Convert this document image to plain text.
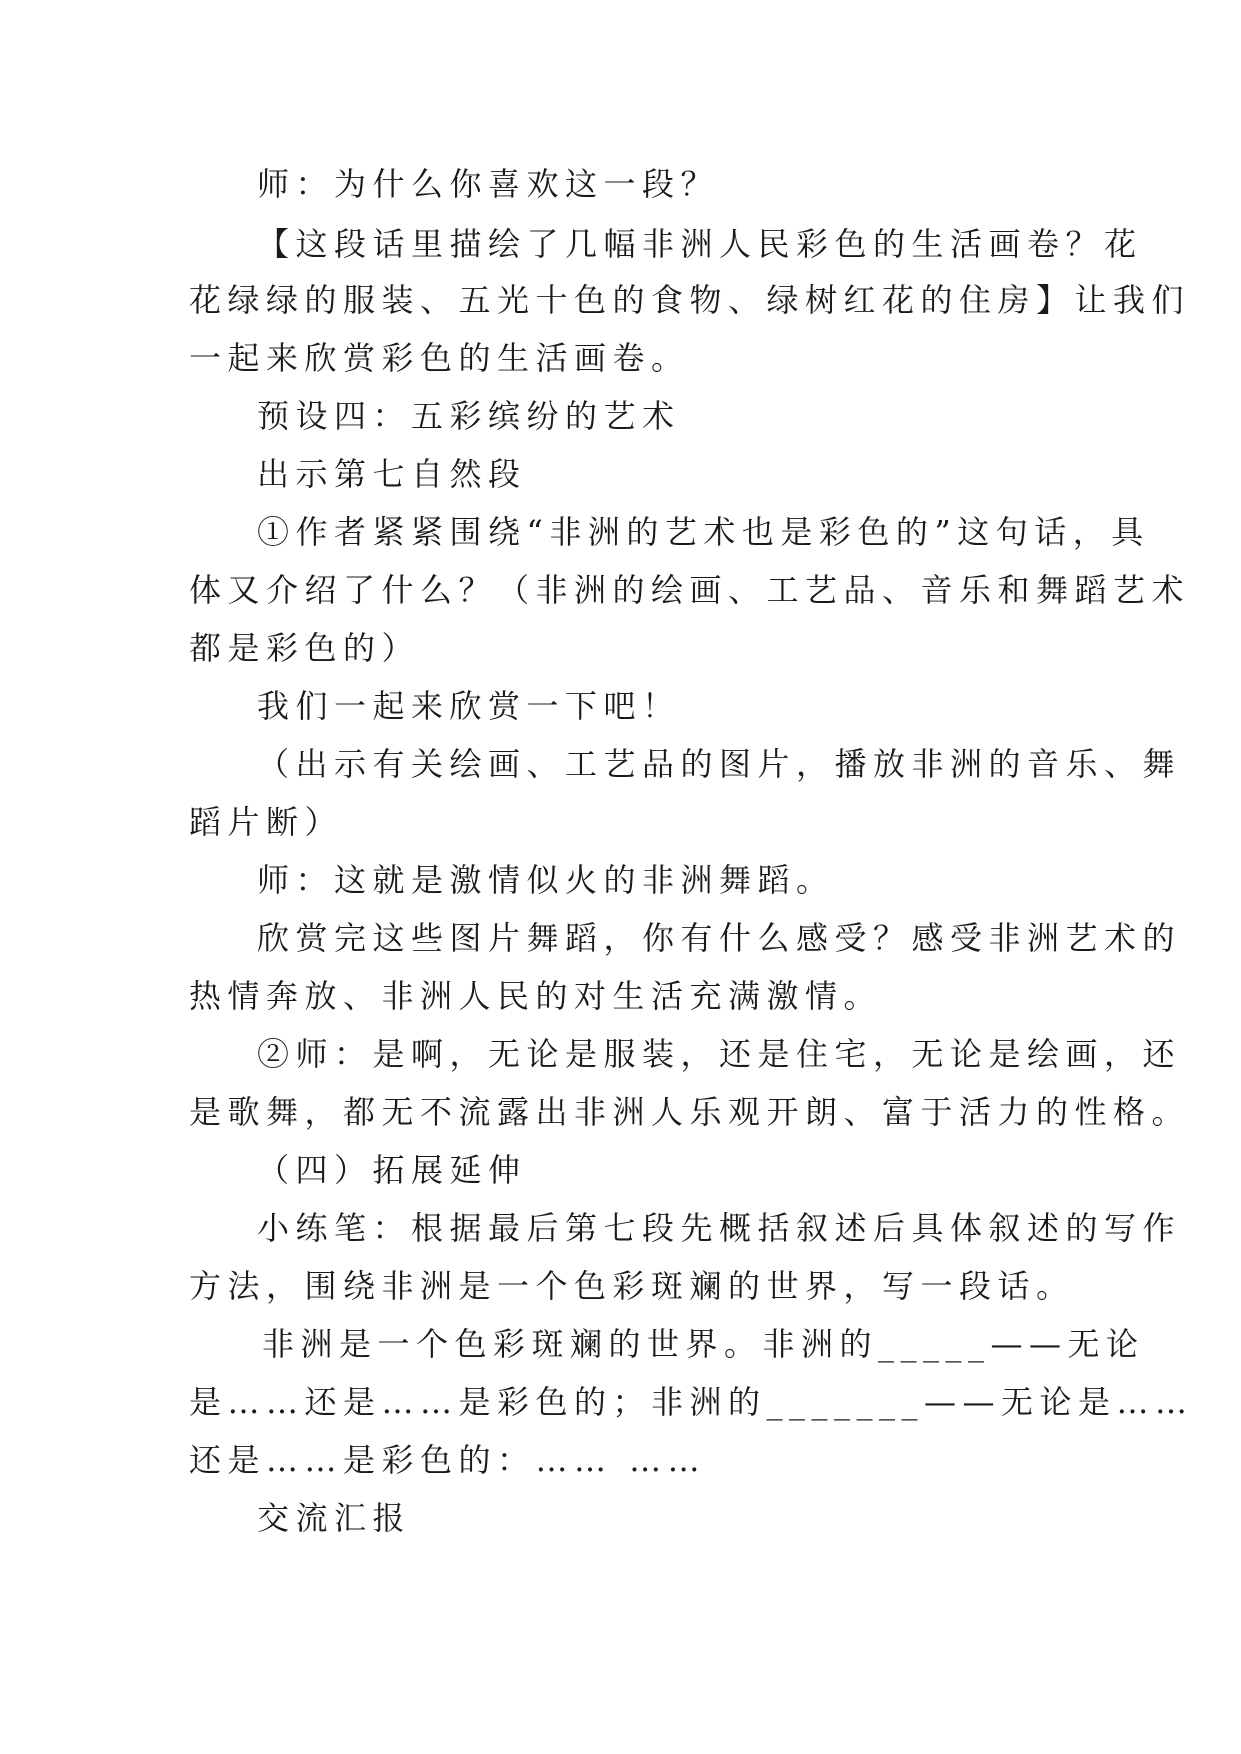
师：为什么你喜欢这一段？
【这段话里描绘了几幅非洲人民彩色的生活画卷？花
花绿绿的服装、五光十色的食物、绿树红花的住房】让我们
一起来欣赏彩色的生活画卷。
预设四：五彩缤纷的艺术
出示第七自然段
①作者紧紧围绕“非洲的艺术也是彩色的”这句话，具
体又介绍了什么？（非洲的绘画、工艺品、音乐和舞蹈艺术
都是彩色的）
我们一起来欣赏一下吧！
（出示有关绘画、工艺品的图片，播放非洲的音乐、舞
蹈片断）
师：这就是激情似火的非洲舞蹈。
欣赏完这些图片舞蹈，你有什么感受？感受非洲艺术的
热情奔放、非洲人民的对生活充满激情。
②师：是啊，无论是服装，还是住宅，无论是绘画，还
是歌舞，都无不流露出非洲人乐观开朗、富于活力的性格。
（四）拓展延伸
小练笔：根据最后第七段先概括叙述后具体叙述的写作
方法，围绕非洲是一个色彩斑斓的世界，写一段话。
非洲是一个色彩斑斓的世界。非洲的_____——无论
是……还是……是彩色的；非洲的_______——无论是……
还是……是彩色的：…… ……
交流汇报
